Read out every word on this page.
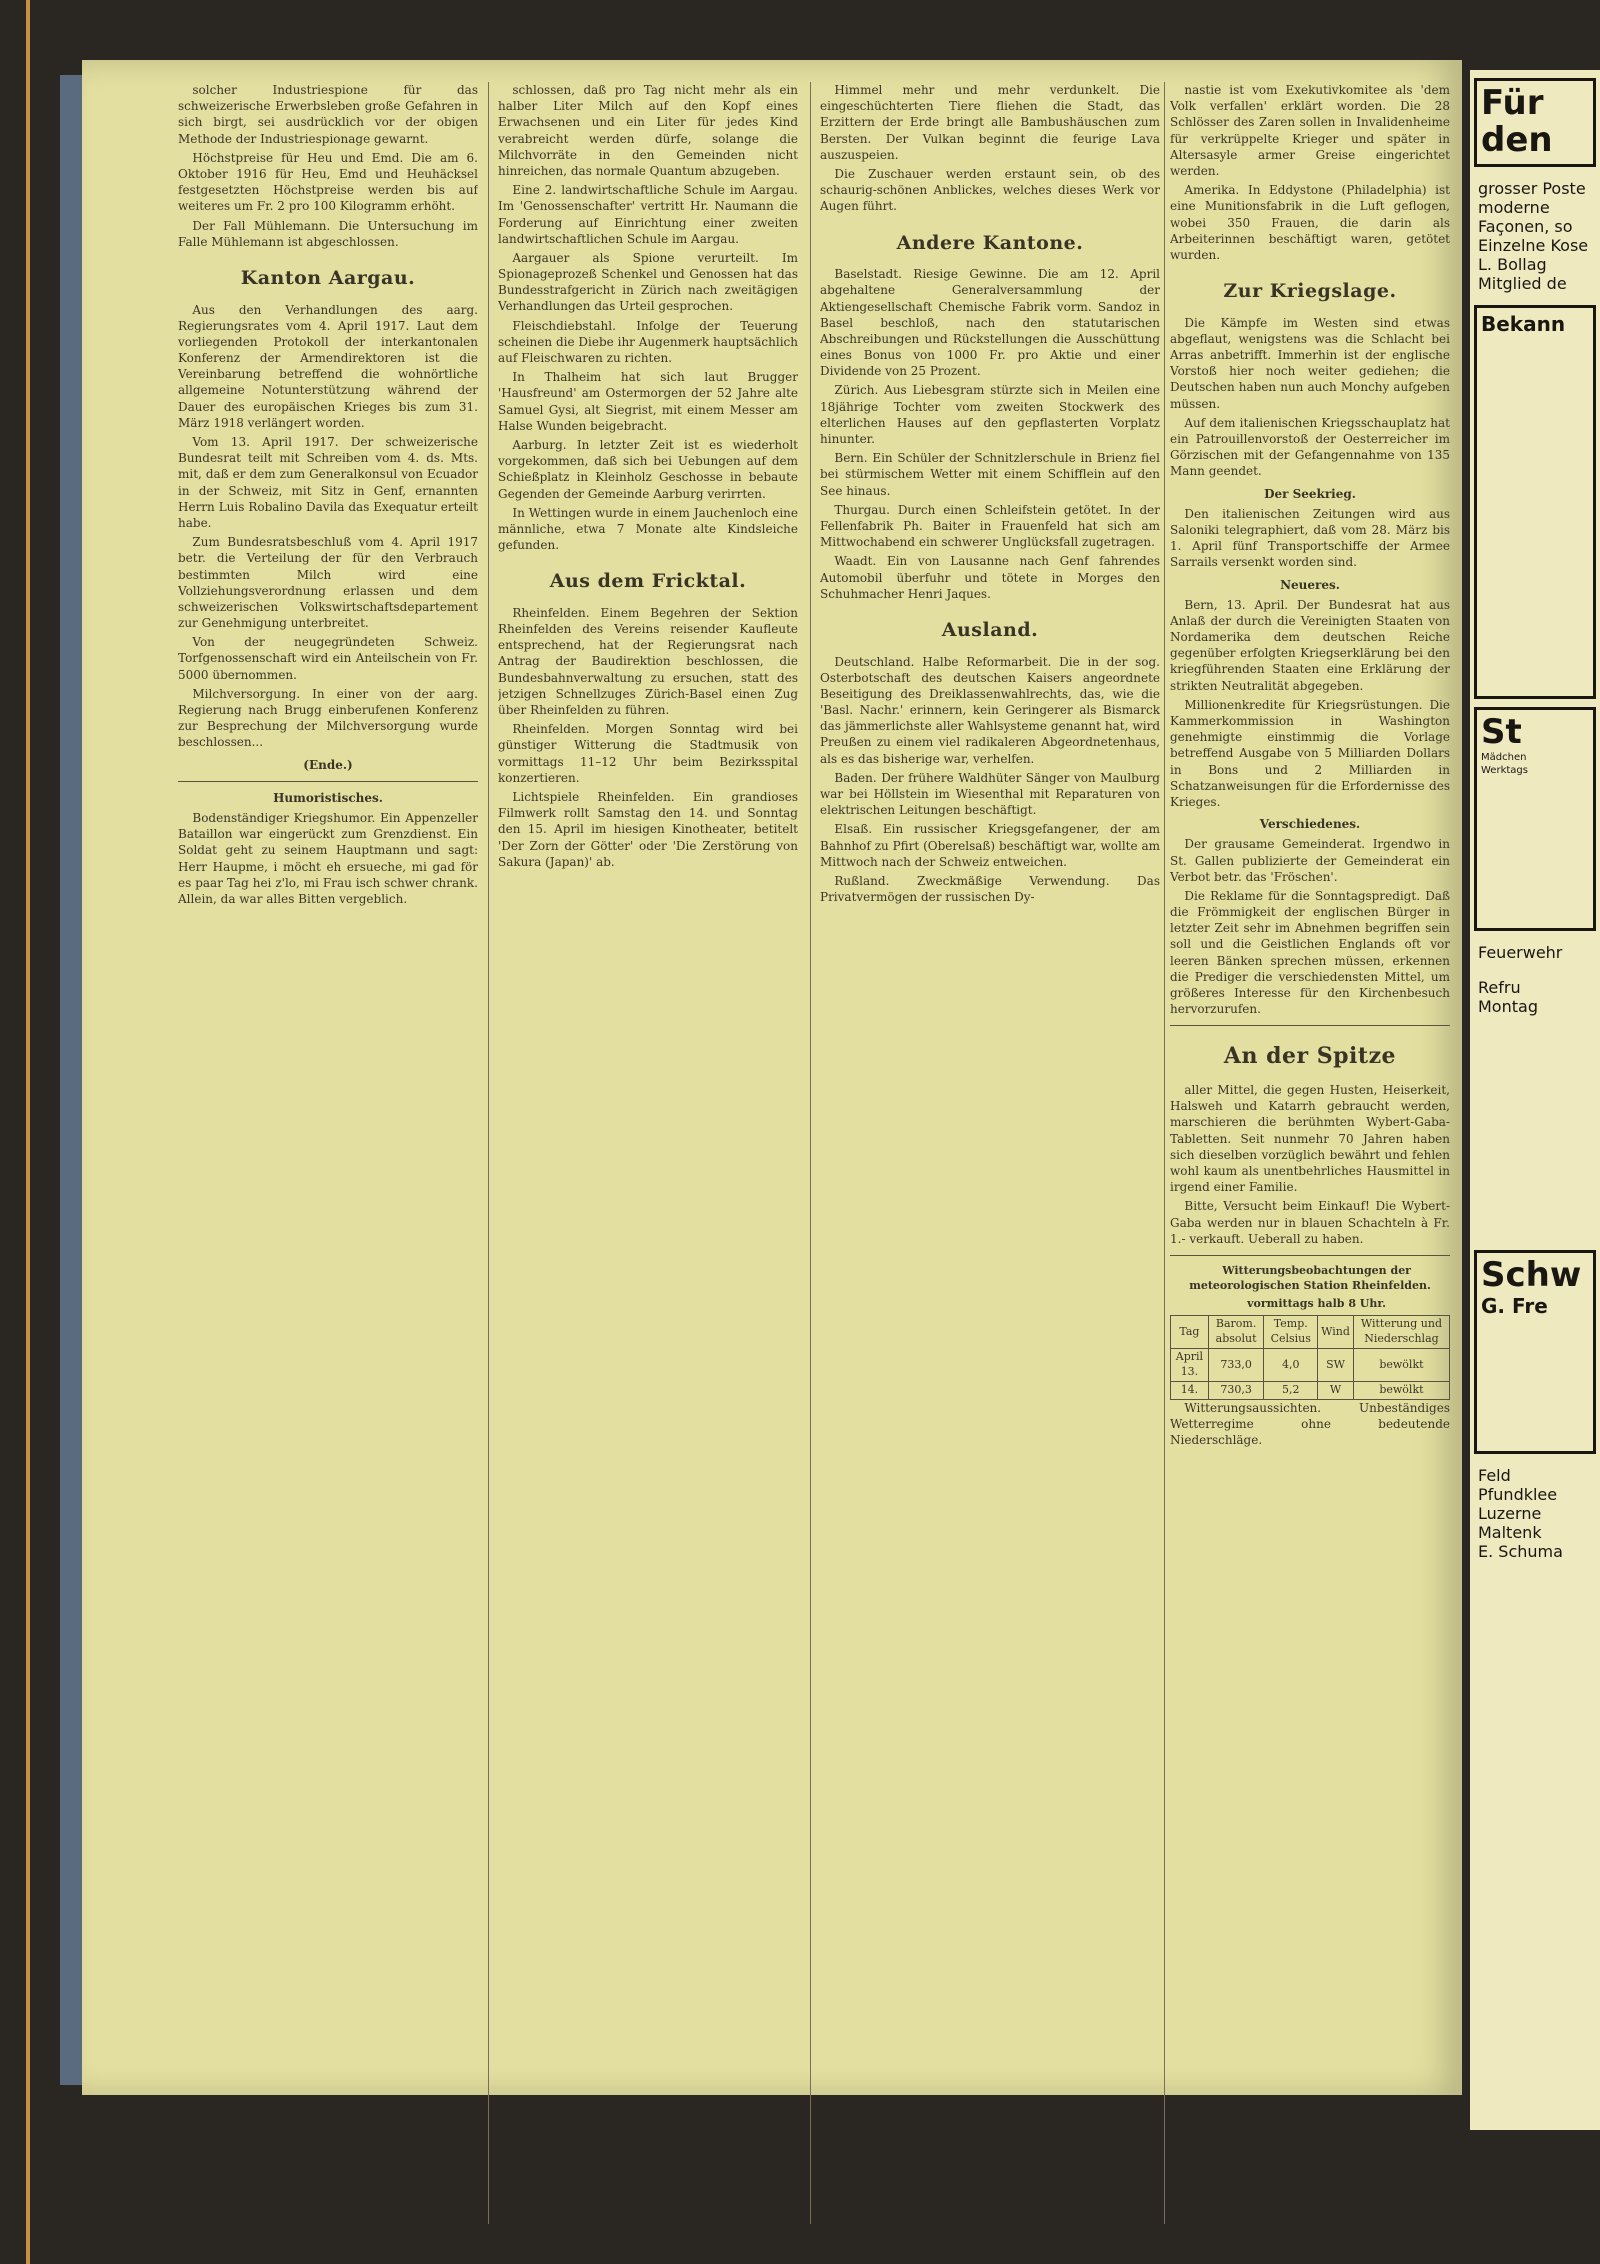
solcher Industriespione für das schweizerische Erwerbsleben große Gefahren in sich birgt, sei ausdrücklich vor der obigen Methode der Industriespionage gewarnt.

Höchstpreise für Heu und Emd. Die am 6. Oktober 1916 für Heu, Emd und Heuhäcksel festgesetzten Höchstpreise werden bis auf weiteres um Fr. 2 pro 100 Kilogramm erhöht.

Der Fall Mühlemann. Die Untersuchung im Falle Mühlemann ist abgeschlossen.

Kanton Aargau.

Aus den Verhandlungen des aarg. Regierungsrates vom 4. April 1917. Laut dem vorliegenden Protokoll der interkantonalen Konferenz der Armendirektoren ist die Vereinbarung betreffend die wohnörtliche allgemeine Notunterstützung während der Dauer des europäischen Krieges bis zum 31. März 1918 verlängert worden.

Vom 13. April 1917. Der schweizerische Bundesrat teilt mit Schreiben vom 4. ds. Mts. mit, daß er dem zum Generalkonsul von Ecuador in der Schweiz, mit Sitz in Genf, ernannten Herrn Luis Robalino Davila das Exequatur erteilt habe.

Zum Bundesratsbeschluß vom 4. April 1917 betr. die Verteilung der für den Verbrauch bestimmten Milch wird eine Vollziehungsverordnung erlassen und dem schweizerischen Volkswirtschaftsdepartement zur Genehmigung unterbreitet.

Von der neugegründeten Schweiz. Torfgenossenschaft wird ein Anteilschein von Fr. 5000 übernommen.

Milchversorgung. In einer von der aarg. Regierung nach Brugg einberufenen Konferenz zur Besprechung der Milchversorgung wurde beschlossen...

(Ende.)

Humoristisches.

Bodenständiger Kriegshumor. Ein Appenzeller Bataillon war eingerückt zum Grenzdienst. Ein Soldat geht zu seinem Hauptmann und sagt: Herr Haupme, i möcht eh ersueche, mi gad för es paar Tag hei z'lo, mi Frau isch schwer chrank. Allein, da war alles Bitten vergeblich.

schlossen, daß pro Tag nicht mehr als ein halber Liter Milch auf den Kopf eines Erwachsenen und ein Liter für jedes Kind verabreicht werden dürfe, solange die Milchvorräte in den Gemeinden nicht hinreichen, das normale Quantum abzugeben.

Eine 2. landwirtschaftliche Schule im Aargau. Im 'Genossenschafter' vertritt Hr. Naumann die Forderung auf Einrichtung einer zweiten landwirtschaftlichen Schule im Aargau.

Aargauer als Spione verurteilt. Im Spionageprozeß Schenkel und Genossen hat das Bundesstrafgericht in Zürich nach zweitägigen Verhandlungen das Urteil gesprochen.

Fleischdiebstahl. Infolge der Teuerung scheinen die Diebe ihr Augenmerk hauptsächlich auf Fleischwaren zu richten.

In Thalheim hat sich laut Brugger 'Hausfreund' am Ostermorgen der 52 Jahre alte Samuel Gysi, alt Siegrist, mit einem Messer am Halse Wunden beigebracht.

Aarburg. In letzter Zeit ist es wiederholt vorgekommen, daß sich bei Uebungen auf dem Schießplatz in Kleinholz Geschosse in bebaute Gegenden der Gemeinde Aarburg verirrten.

In Wettingen wurde in einem Jauchenloch eine männliche, etwa 7 Monate alte Kindsleiche gefunden.

Aus dem Fricktal.

Rheinfelden. Einem Begehren der Sektion Rheinfelden des Vereins reisender Kaufleute entsprechend, hat der Regierungsrat nach Antrag der Baudirektion beschlossen, die Bundesbahnverwaltung zu ersuchen, statt des jetzigen Schnellzuges Zürich-Basel einen Zug über Rheinfelden zu führen.

Rheinfelden. Morgen Sonntag wird bei günstiger Witterung die Stadtmusik von vormittags 11–12 Uhr beim Bezirksspital konzertieren.

Lichtspiele Rheinfelden. Ein grandioses Filmwerk rollt Samstag den 14. und Sonntag den 15. April im hiesigen Kinotheater, betitelt 'Der Zorn der Götter' oder 'Die Zerstörung von Sakura (Japan)' ab.

Himmel mehr und mehr verdunkelt. Die eingeschüchterten Tiere fliehen die Stadt, das Erzittern der Erde bringt alle Bambushäuschen zum Bersten. Der Vulkan beginnt die feurige Lava auszuspeien.

Die Zuschauer werden erstaunt sein, ob des schaurig-schönen Anblickes, welches dieses Werk vor Augen führt.

Andere Kantone.

Baselstadt. Riesige Gewinne. Die am 12. April abgehaltene Generalversammlung der Aktiengesellschaft Chemische Fabrik vorm. Sandoz in Basel beschloß, nach den statutarischen Abschreibungen und Rückstellungen die Ausschüttung eines Bonus von 1000 Fr. pro Aktie und einer Dividende von 25 Prozent.

Zürich. Aus Liebesgram stürzte sich in Meilen eine 18jährige Tochter vom zweiten Stockwerk des elterlichen Hauses auf den gepflasterten Vorplatz hinunter.

Bern. Ein Schüler der Schnitzlerschule in Brienz fiel bei stürmischem Wetter mit einem Schifflein auf den See hinaus.

Thurgau. Durch einen Schleifstein getötet. In der Fellenfabrik Ph. Baiter in Frauenfeld hat sich am Mittwochabend ein schwerer Unglücksfall zugetragen.

Waadt. Ein von Lausanne nach Genf fahrendes Automobil überfuhr und tötete in Morges den Schuhmacher Henri Jaques.

Ausland.

Deutschland. Halbe Reformarbeit. Die in der sog. Osterbotschaft des deutschen Kaisers angeordnete Beseitigung des Dreiklassenwahlrechts, das, wie die 'Basl. Nachr.' erinnern, kein Geringerer als Bismarck das jämmerlichste aller Wahlsysteme genannt hat, wird Preußen zu einem viel radikaleren Abgeordnetenhaus, als es das bisherige war, verhelfen.

Baden. Der frühere Waldhüter Sänger von Maulburg war bei Höllstein im Wiesenthal mit Reparaturen von elektrischen Leitungen beschäftigt.

Elsaß. Ein russischer Kriegsgefangener, der am Bahnhof zu Pfirt (Oberelsaß) beschäftigt war, wollte am Mittwoch nach der Schweiz entweichen.

Rußland. Zweckmäßige Verwendung. Das Privatvermögen der russischen Dy-

nastie ist vom Exekutivkomitee als 'dem Volk verfallen' erklärt worden. Die 28 Schlösser des Zaren sollen in Invalidenheime für verkrüppelte Krieger und später in Altersasyle armer Greise eingerichtet werden.

Amerika. In Eddystone (Philadelphia) ist eine Munitionsfabrik in die Luft geflogen, wobei 350 Frauen, die darin als Arbeiterinnen beschäftigt waren, getötet wurden.

Zur Kriegslage.

Die Kämpfe im Westen sind etwas abgeflaut, wenigstens was die Schlacht bei Arras anbetrifft. Immerhin ist der englische Vorstoß hier noch weiter gediehen; die Deutschen haben nun auch Monchy aufgeben müssen.

Auf dem italienischen Kriegsschauplatz hat ein Patrouillenvorstoß der Oesterreicher im Görzischen mit der Gefangennahme von 135 Mann geendet.

Der Seekrieg.

Den italienischen Zeitungen wird aus Saloniki telegraphiert, daß vom 28. März bis 1. April fünf Transportschiffe der Armee Sarrails versenkt worden sind.

Neueres.

Bern, 13. April. Der Bundesrat hat aus Anlaß der durch die Vereinigten Staaten von Nordamerika dem deutschen Reiche gegenüber erfolgten Kriegserklärung bei den kriegführenden Staaten eine Erklärung der strikten Neutralität abgegeben.

Millionenkredite für Kriegsrüstungen. Die Kammerkommission in Washington genehmigte einstimmig die Vorlage betreffend Ausgabe von 5 Milliarden Dollars in Bons und 2 Milliarden in Schatzanweisungen für die Erfordernisse des Krieges.

Verschiedenes.

Der grausame Gemeinderat. Irgendwo in St. Gallen publizierte der Gemeinderat ein Verbot betr. das 'Fröschen'.

Die Reklame für die Sonntagspredigt. Daß die Frömmigkeit der englischen Bürger in letzter Zeit sehr im Abnehmen begriffen sein soll und die Geistlichen Englands oft vor leeren Bänken sprechen müssen, erkennen die Prediger die verschiedensten Mittel, um größeres Interesse für den Kirchenbesuch hervorzurufen.

An der Spitze

aller Mittel, die gegen Husten, Heiserkeit, Halsweh und Katarrh gebraucht werden, marschieren die berühmten Wybert-Gaba-Tabletten. Seit nunmehr 70 Jahren haben sich dieselben vorzüglich bewährt und fehlen wohl kaum als unentbehrliches Hausmittel in irgend einer Familie.

Bitte, Versucht beim Einkauf! Die Wybert-Gaba werden nur in blauen Schachteln à Fr. 1.- verkauft. Ueberall zu haben.

Witterungsbeobachtungen der meteorologischen Station Rheinfelden.

vormittags halb 8 Uhr.

Tag	Barom. absolut	Temp. Celsius	Wind	Witterung und Niederschlag
April 13.	733,0	4,0	SW	bewölkt
14.	730,3	5,2	W	bewölkt

Witterungsaussichten. Unbeständiges Wetterregime ohne bedeutende Niederschläge.

Für den
grosser Poste
moderne Façonen, so
Einzelne Kose
L. Bollag
Mitglied de
Bekann
St
Mädchen
Werktags
Feuerwehr
Refru
Montag
Schw
G. Fre
Feld
Pfundklee Luzerne Maltenk
E. Schuma
